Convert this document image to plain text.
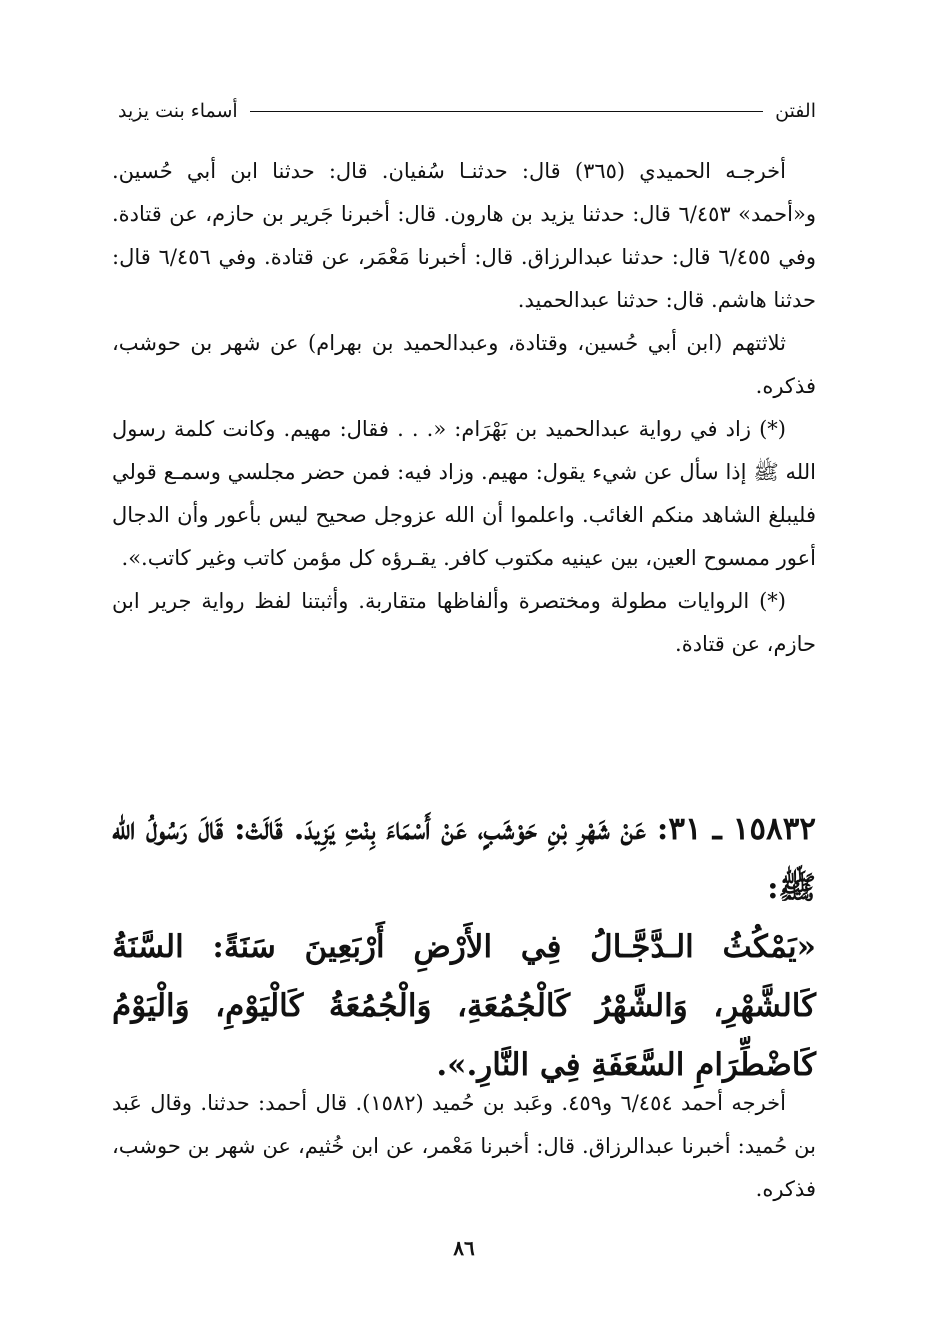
الفتن
أسماء بنت يزيد

أخرجـه الحميدي (٣٦٥) قال: حدثنـا سُفيان. قال: حدثنا ابن أبي حُسين. و«أحمد» ٦/٤٥٣ قال: حدثنا يزيد بن هارون. قال: أخبرنا جَرير بن حازم، عن قتادة. وفي ٦/٤٥٥ قال: حدثنا عبدالرزاق. قال: أخبرنا مَعْمَر، عن قتادة. وفي ٦/٤٥٦ قال: حدثنا هاشم. قال: حدثنا عبدالحميد.

ثلاثتهم (ابن أبي حُسين، وقتادة، وعبدالحميد بن بهرام) عن شهر بن حوشب، فذكره.

(*) زاد في رواية عبدالحميد بن بَهْرَام: «. . . فقال: مهيم. وكانت كلمة رسول الله ﷺ إذا سأل عن شيء يقول: مهيم. وزاد فيه: فمن حضر مجلسي وسمـع قولي فليبلغ الشاهد منكم الغائب. واعلموا أن الله عزوجل صحيح ليس بأعور وأن الدجال أعور ممسوح العين، بين عينيه مكتوب كافر. يقـرؤه كل مؤمن كاتب وغير كاتب.».

(*) الروايات مطولة ومختصرة وألفاظها متقاربة. وأثبتنا لفظ رواية جرير ابن حازم، عن قتادة.

١٥٨٣٢ ـ ٣١: عَنْ شَهْرِ بْنِ حَوْشَبٍ، عَنْ أَسْمَاءَ بِنْتِ يَزِيدَ. قَالَتْ: قَالَ رَسُولُ الله ﷺ:

«يَمْكُثُ الـدَّجَّـالُ فِي الأَرْضِ أَرْبَعِينَ سَنَةً: السَّنَةُ كَالشَّهْرِ، وَالشَّهْرُ كَالْجُمُعَةِ، وَالْجُمُعَةُ كَالْيَوْمِ، وَالْيَوْمُ كَاضْطِّرَامِ السَّعَفَةِ فِي النَّارِ.».

أخرجه أحمد ٦/٤٥٤ و٤٥٩. وعَبد بن حُميد (١٥٨٢). قال أحمد: حدثنا. وقال عَبد بن حُميد: أخبرنا عبدالرزاق. قال: أخبرنا مَعْمر، عن ابن خُثيم، عن شهر بن حوشب، فذكره.

٨٦
